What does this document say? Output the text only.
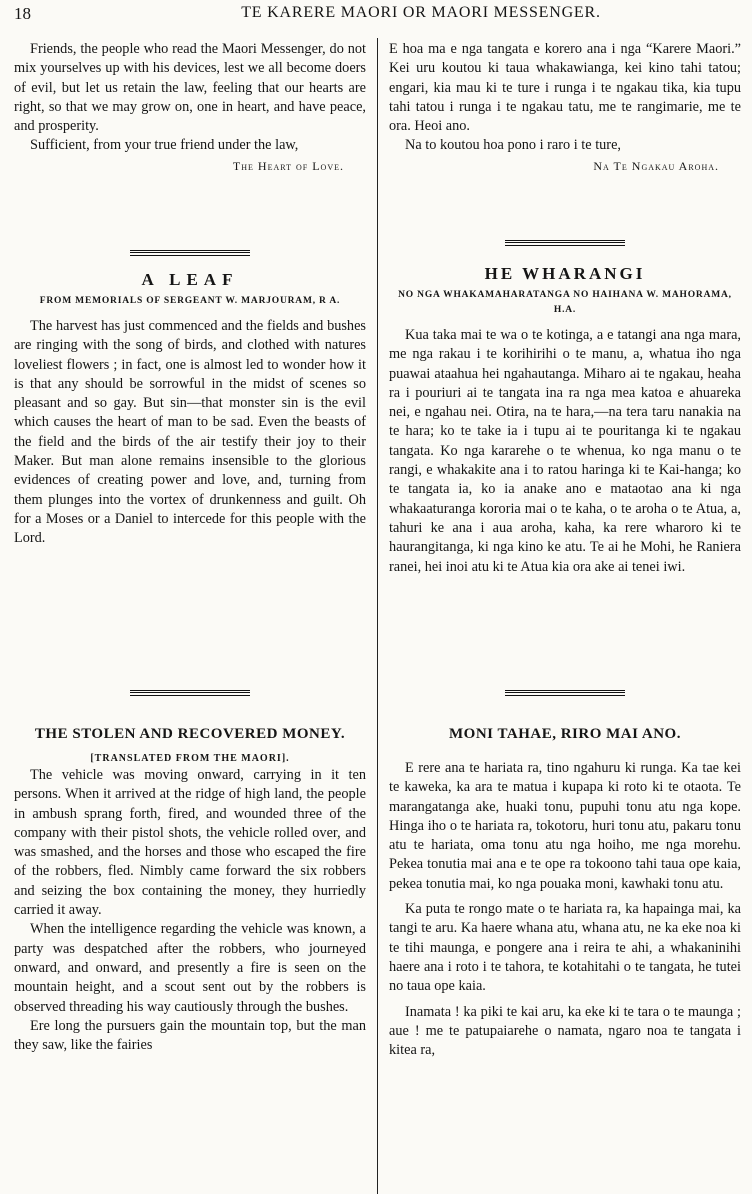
18	TE KARERE MAORI OR MAORI MESSENGER.

Friends, the people who read the Maori Messenger, do not mix yourselves up with his devices, lest we all become doers of evil, but let us retain the law, feeling that our hearts are right, so that we may grow on, one in heart, and have peace, and prosperity.

Sufficient, from your true friend under the law,

The Heart of Love.
A LEAF
FROM MEMORIALS OF SERGEANT W. MARJOURAM, R A.

The harvest has just commenced and the fields and bushes are ringing with the song of birds, and clothed with natures loveliest flowers ; in fact, one is almost led to wonder how it is that any should be sorrowful in the midst of scenes so pleasant and so gay. But sin—that monster sin is the evil which causes the heart of man to be sad. Even the beasts of the field and the birds of the air testify their joy to their Maker. But man alone remains insensible to the glorious evidences of creating power and love, and, turning from them plunges into the vortex of drunkenness and guilt. Oh for a Moses or a Daniel to intercede for this people with the Lord.

THE STOLEN AND RECOVERED MONEY.
[TRANSLATED FROM THE MAORI].

The vehicle was moving onward, carrying in it ten persons. When it arrived at the ridge of high land, the people in ambush sprang forth, fired, and wounded three of the company with their pistol shots, the vehicle rolled over, and was smashed, and the horses and those who escaped the fire of the robbers, fled. Nimbly came forward the six robbers and seizing the box containing the money, they hurriedly carried it away.

When the intelligence regarding the vehicle was known, a party was despatched after the robbers, who journeyed onward, and onward, and presently a fire is seen on the mountain height, and a scout sent out by the robbers is observed threading his way cautiously through the bushes.

Ere long the pursuers gain the mountain top, but the man they saw, like the fairies

E hoa ma e nga tangata e korero ana i nga “Karere Maori.” Kei uru koutou ki taua whakawianga, kei kino tahi tatou; engari, kia mau ki te ture i runga i te ngakau tika, kia tupu tahi tatou i runga i te ngakau tatu, me te rangimarie, me te ora. Heoi ano.

Na to koutou hoa pono i raro i te ture,

Na Te Ngakau Aroha.
HE WHARANGI
NO NGA WHAKAMAHARATANGA NO HAIHANA W. MAHORAMA, H.A.

Kua taka mai te wa o te kotinga, a e tatangi ana nga mara, me nga rakau i te korihirihi o te manu, a, whatua iho nga puawai ataahua hei ngahautanga. Miharo ai te ngakau, heaha ra i pouriuri ai te tangata ina ra nga mea katoa e ahuareka nei, e ngahau nei. Otira, na te hara,—na tera taru nanakia na te hara; ko te take ia i tupu ai te pouritanga ki te ngakau tangata. Ko nga kararehe o te whenua, ko nga manu o te rangi, e whakakite ana i to ratou haringa ki te Kai-hanga; ko te tangata ia, ko ia anake ano e mataotao ana ki nga whakaaturanga kororia mai o te kaha, o te aroha o te Atua, a, tahuri ke ana i aua aroha, kaha, ka rere wharoro ki te haurangitanga, ki nga kino ke atu. Te ai he Mohi, he Raniera ranei, hei inoi atu ki te Atua kia ora ake ai tenei iwi.

MONI TAHAE, RIRO MAI ANO.

E rere ana te hariata ra, tino ngahuru ki runga. Ka tae kei te kaweka, ka ara te matua i kupapa ki roto ki te otaota. Te marangatanga ake, huaki tonu, pupuhi tonu atu nga kope. Hinga iho o te hariata ra, tokotoru, huri tonu atu, pakaru tonu atu te hariata, oma tonu atu nga hoiho, me nga morehu. Pekea tonutia mai ana e te ope ra tokoono tahi taua ope kaia, pekea tonutia mai, ko nga pouaka moni, kawhaki tonu atu.

Ka puta te rongo mate o te hariata ra, ka hapainga mai, ka tangi te aru. Ka haere whana atu, whana atu, ne ka eke noa ki te tihi maunga, e pongere ana i reira te ahi, a whakaninihi haere ana i roto i te tahora, te kotahitahi o te tangata, he tutei no taua ope kaia.

Inamata ! ka piki te kai aru, ka eke ki te tara o te maunga ; aue ! me te patupaiarehe o namata, ngaro noa te tangata i kitea ra,
